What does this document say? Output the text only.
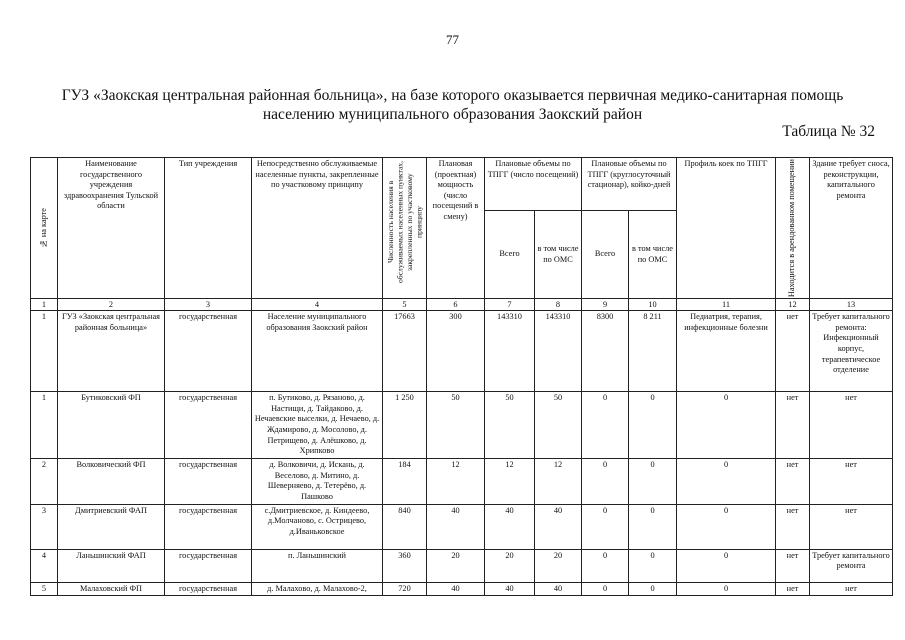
77
ГУЗ «Заокская центральная районная больница», на базе которого оказывается первичная медико-санитарная помощь
населению муниципального образования Заокский район
Таблица № 32
№ на карте	Наименование государственного учреждения здравоохранения Тульской области	Тип учреждения	Непосредственно обслуживаемые населенные пункты, закрепленные по участковому принципу	Численность населения в обслуживаемых населенных пунктах, закрепленных по участковому принципу	Плановая (проектная) мощность (число посещений в смену)	Плановые объемы по ТПГГ (число посещений)		Плановые объемы по ТПГГ (круглосуточный стационар), койко-дней		Профиль коек по ТПГГ	Находится в арендованном помещении	Здание требует сноса, реконструкции, капитального ремонта
						Всего	в том числе по ОМС	Всего	в том числе по ОМС			
1	2	3	4	5	6	7	8	9	10	11	12	13
1	ГУЗ «Заокская центральная районная больница»	государственная	Население муниципального образования Заокский район	17663	300	143310	143310	8300	8 211	Педиатрия, терапия, инфекционные болезни	нет	Требует капитального ремонта: Инфекционный корпус, терапевтическое отделение
1	Бутиковский ФП	государственная	п. Бутиково, д. Рязаново, д. Настищи, д. Тайдаково, д. Нечаевские выселки, д. Нечаево, д. Ждамирово, д. Мосолово, д. Петрищево, д. Алёшково, д. Хрипково	1 250	50	50	50	0	0	0	нет	нет
2	Волковический ФП	государственная	д. Волковичи, д. Искань, д. Веселово, д. Митино, д. Шеверняево, д. Тетерёво, д. Пашково	184	12	12	12	0	0	0	нет	нет
3	Дмитриевский ФАП	государственная	с.Дмитриевское, д. Киндеево, д.Молчаново, с. Острицево, д.Иваньковское	840	40	40	40	0	0	0	нет	нет
4	Ланьшинский ФАП	государственная	п. Ланьшинский	360	20	20	20	0	0	0	нет	Требует капитального ремонта
5	Малаховский ФП	государственная	д. Малахово, д. Малахово-2,	720	40	40	40	0	0	0	нет	нет
